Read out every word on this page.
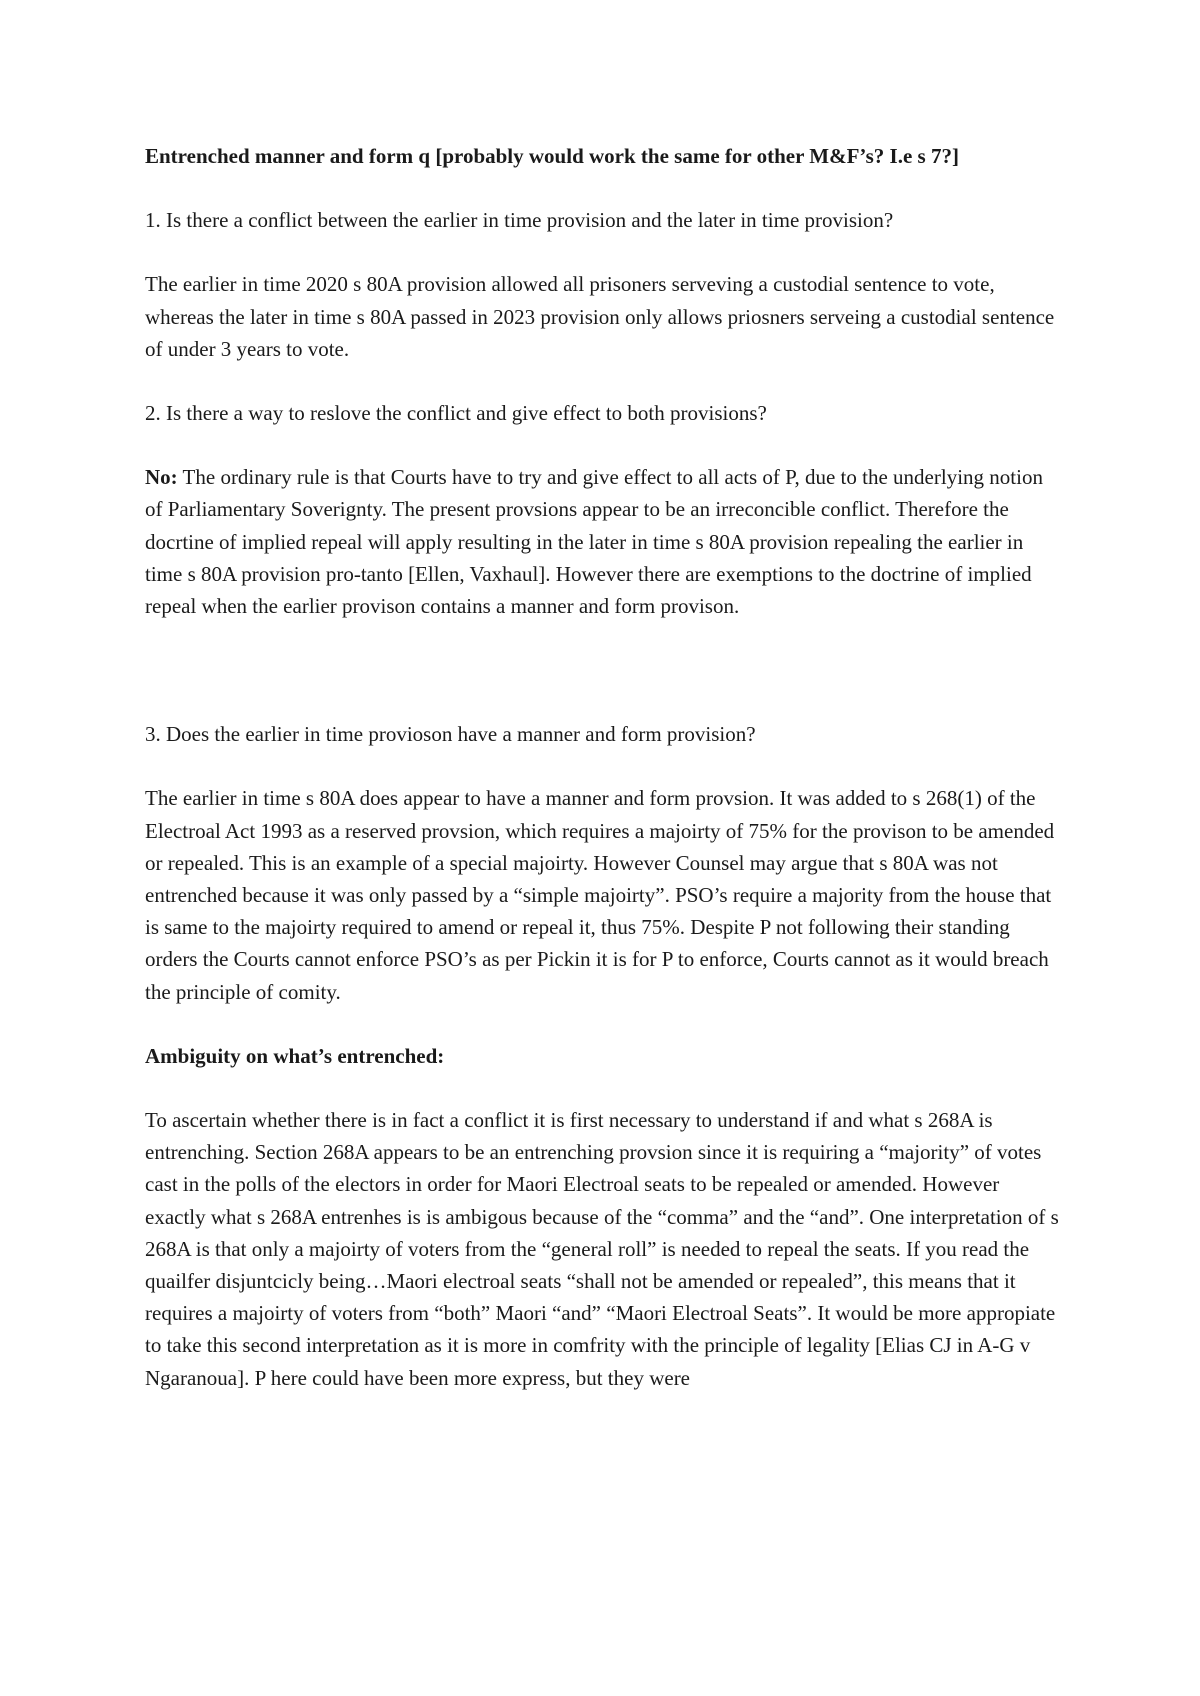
Entrenched manner and form q [probably would work the same for other M&F’s? I.e s 7?]

1. Is there a conflict between the earlier in time provision and the later in time provision?

The earlier in time 2020 s 80A provision allowed all prisoners serveving a custodial sentence to vote, whereas the later in time s 80A passed in 2023 provision only allows priosners serveing a custodial sentence of under 3 years to vote.

2. Is there a way to reslove the conflict and give effect to both provisions?

No: The ordinary rule is that Courts have to try and give effect to all acts of P, due to the underlying notion of Parliamentary Soverignty. The present provsions appear to be an irreconcible conflict. Therefore the docrtine of implied repeal will apply resulting in the later in time s 80A provision repealing the earlier in time s 80A provision pro-tanto [Ellen, Vaxhaul]. However there are exemptions to the doctrine of implied repeal when the earlier provison contains a manner and form provison.

3. Does the earlier in time provioson have a manner and form provision?

The earlier in time s 80A does appear to have a manner and form provsion. It was added to s 268(1) of the Electroal Act 1993 as a reserved provsion, which requires a majoirty of 75% for the provison to be amended or repealed. This is an example of a special majoirty. However Counsel may argue that s 80A was not entrenched because it was only passed by a “simple majoirty”. PSO’s require a majority from the house that is same to the majoirty required to amend or repeal it, thus 75%. Despite P not following their standing orders the Courts cannot enforce PSO’s as per Pickin it is for P to enforce, Courts cannot as it would breach the principle of comity.

Ambiguity on what’s entrenched:

To ascertain whether there is in fact a conflict it is first necessary to understand if and what s 268A is entrenching. Section 268A appears to be an entrenching provsion since it is requiring a “majority” of votes cast in the polls of the electors in order for Maori Electroal seats to be repealed or amended. However exactly what s 268A entrenhes is is ambigous because of the “comma” and the “and”. One interpretation of s 268A is that only a majoirty of voters from the “general roll” is needed to repeal the seats. If you read the quailfer disjuntcicly being…Maori electroal seats “shall not be amended or repealed”, this means that it requires a majoirty of voters from “both” Maori “and” “Maori Electroal Seats”. It would be more appropiate to take this second interpretation as it is more in comfrity with the principle of legality [Elias CJ in A-G v Ngaranoua]. P here could have been more express, but they were
